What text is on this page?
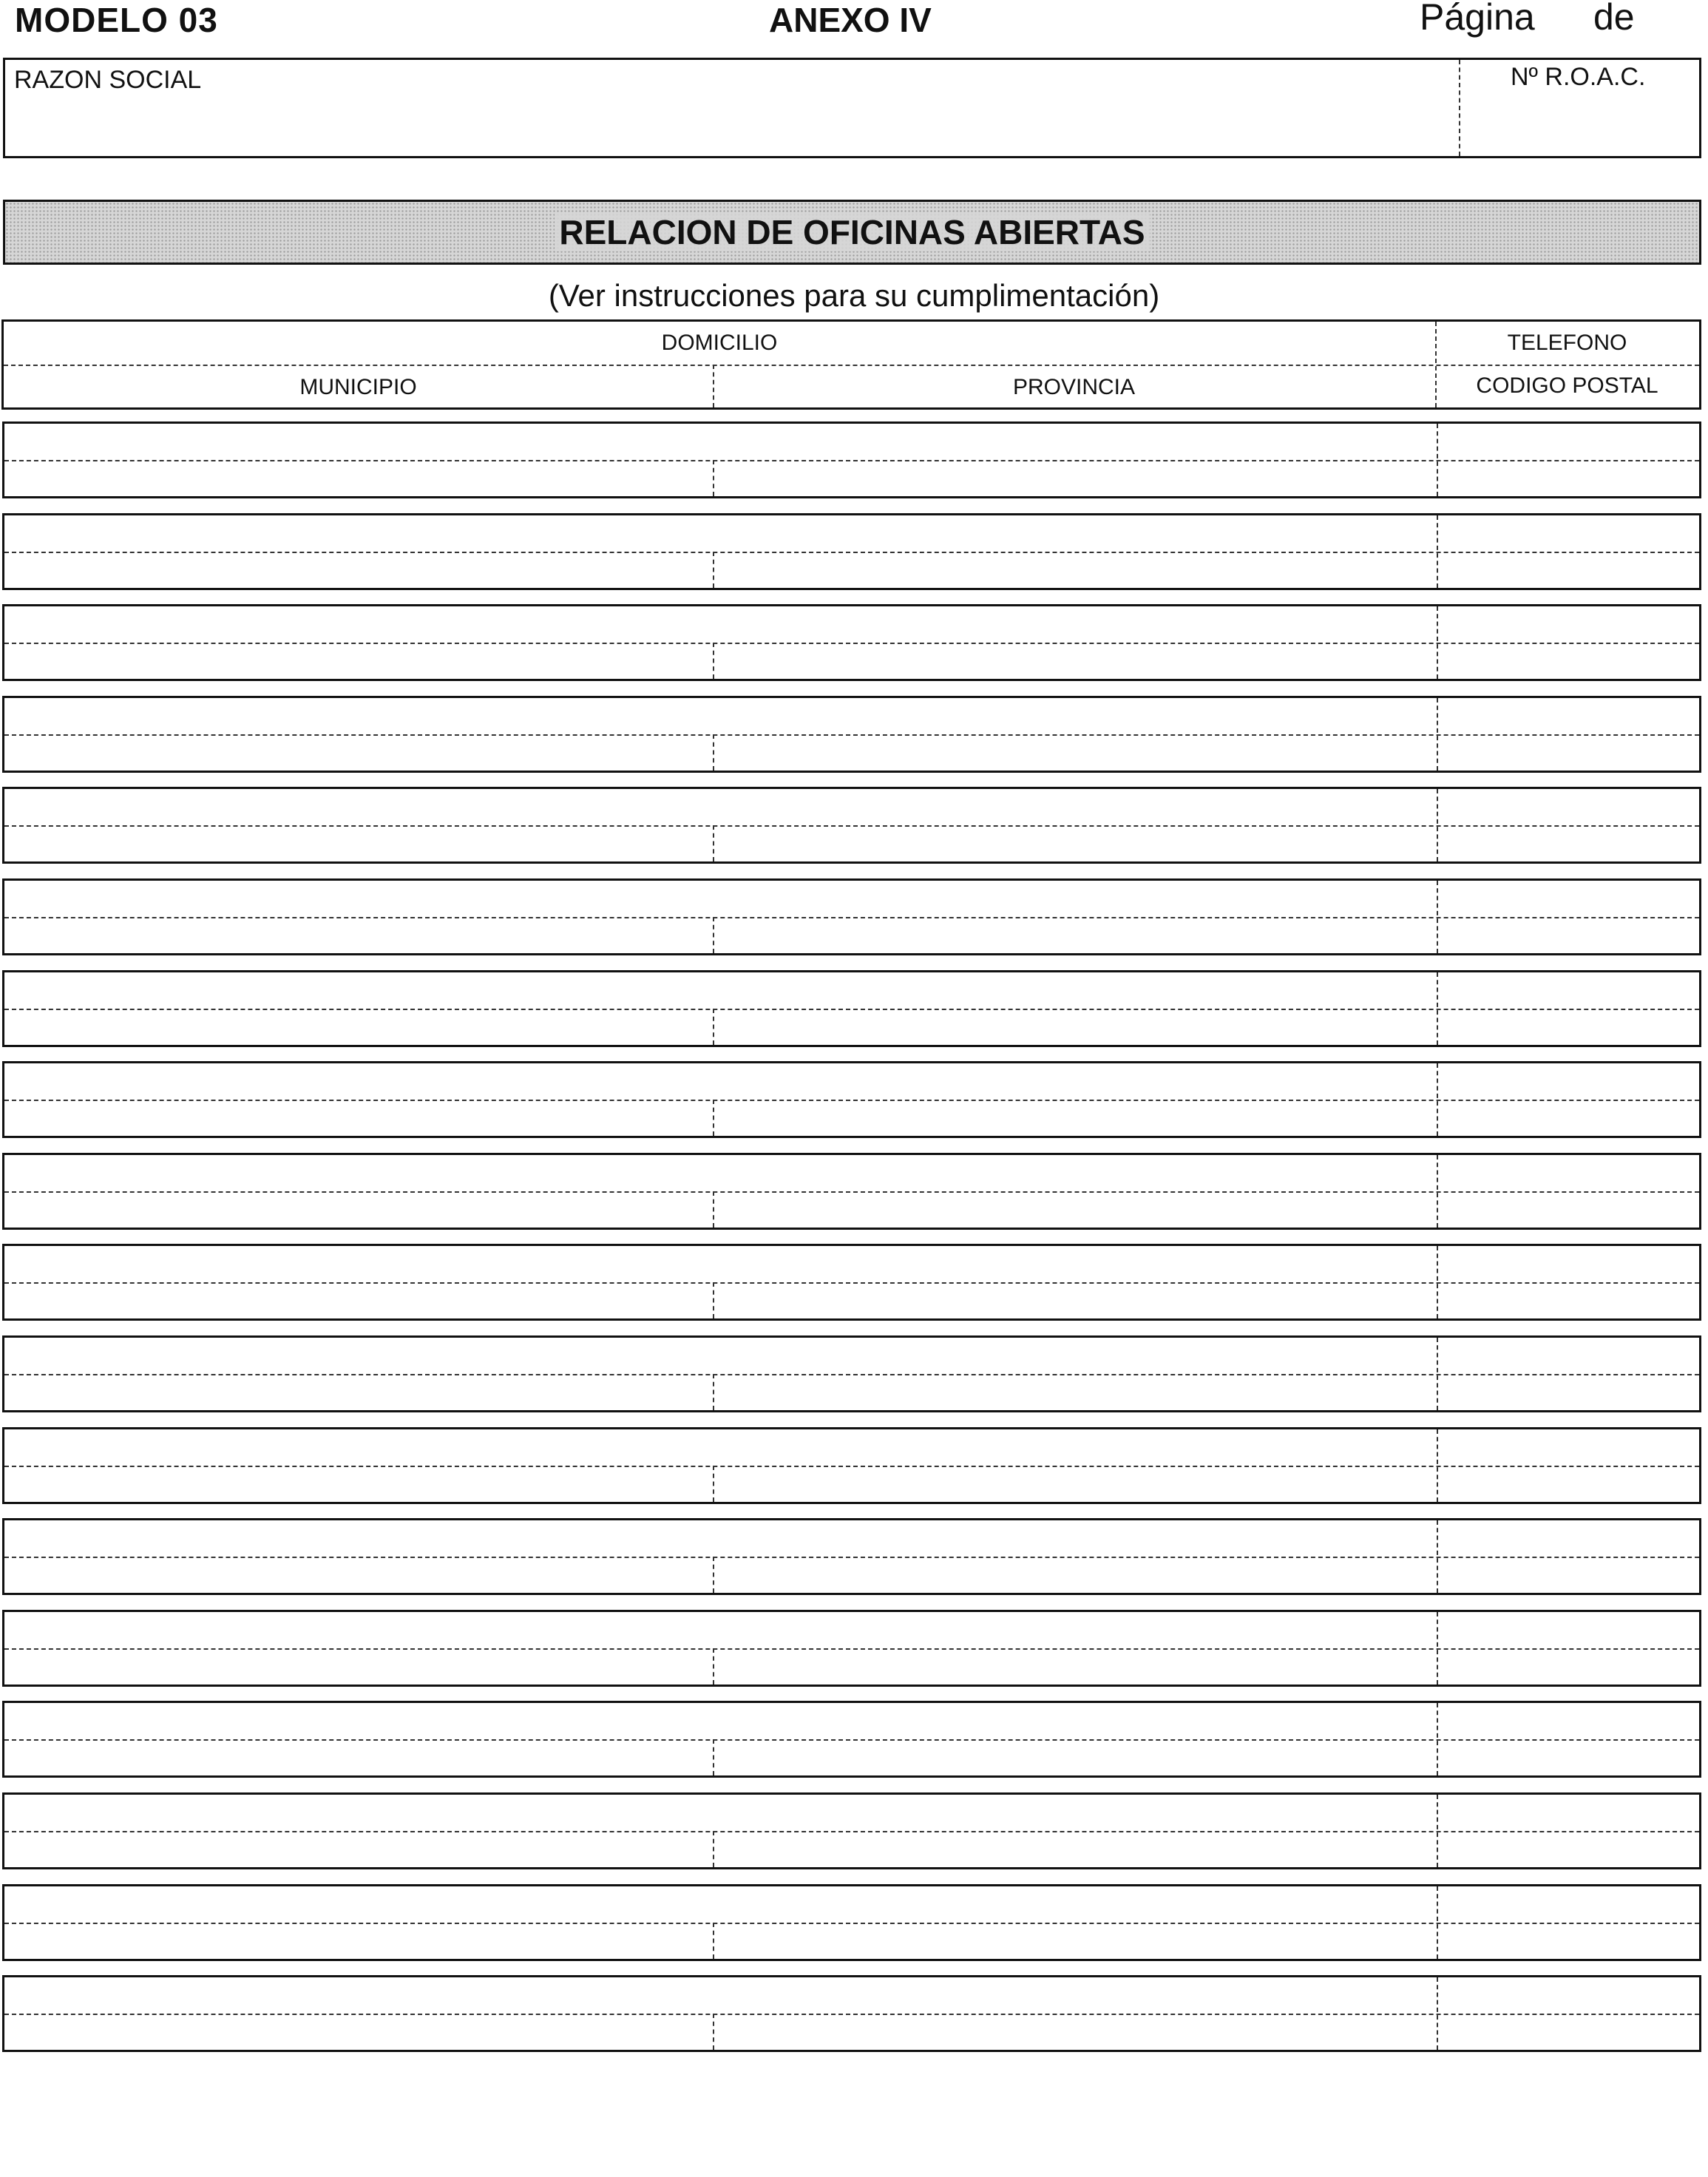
MODELO 03	ANEXO IV	Página de
RAZON SOCIAL	Nº R.O.A.C.
RELACION DE OFICINAS ABIERTAS
(Ver instrucciones para su cumplimentación)
DOMICILIO	TELEFONO
MUNICIPIO	PROVINCIA	CODIGO POSTAL
